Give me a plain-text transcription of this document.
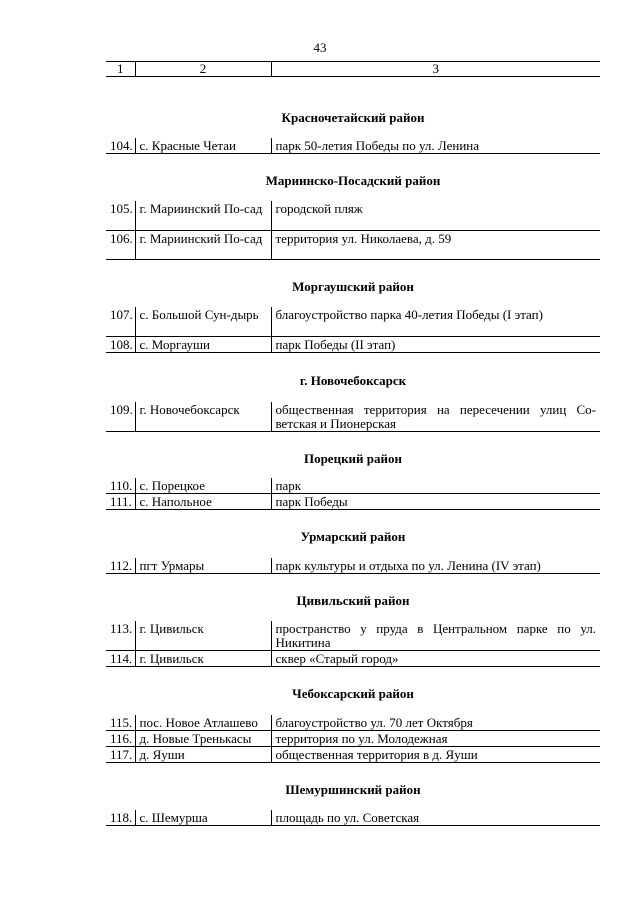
43
1	2	3
Красночетайский район
104.	с. Красные Четаи	парк 50-летия Победы по ул. Ленина
Мариинско-Посадский район
105.	г. Мариинский По-сад	городской пляж
106.	г. Мариинский По-сад	территория ул. Николаева, д. 59
Моргаушский район
107.	с. Большой Сун-дырь	благоустройство парка 40-летия Победы (I этап)
108.	с. Моргауши	парк Победы (II этап)
г. Новочебоксарск
109.	г. Новочебоксарск	общественная территория на пересечении улиц Со-ветская и Пионерская
Порецкий район
110.	с. Порецкое	парк
111.	с. Напольное	парк Победы
Урмарский район
112.	пгт Урмары	парк культуры и отдыха по ул. Ленина (IV этап)
Цивильский район
113.	г. Цивильск	пространство у пруда в Центральном парке по ул. Никитина
114.	г. Цивильск	сквер «Старый город»
Чебоксарский район
115.	пос. Новое Атлашево	благоустройство ул. 70 лет Октября
116.	д. Новые Тренькасы	территория по ул. Молодежная
117.	д. Яуши	общественная территория в д. Яуши
Шемуршинский район
118.	с. Шемурша	площадь по ул. Советская
